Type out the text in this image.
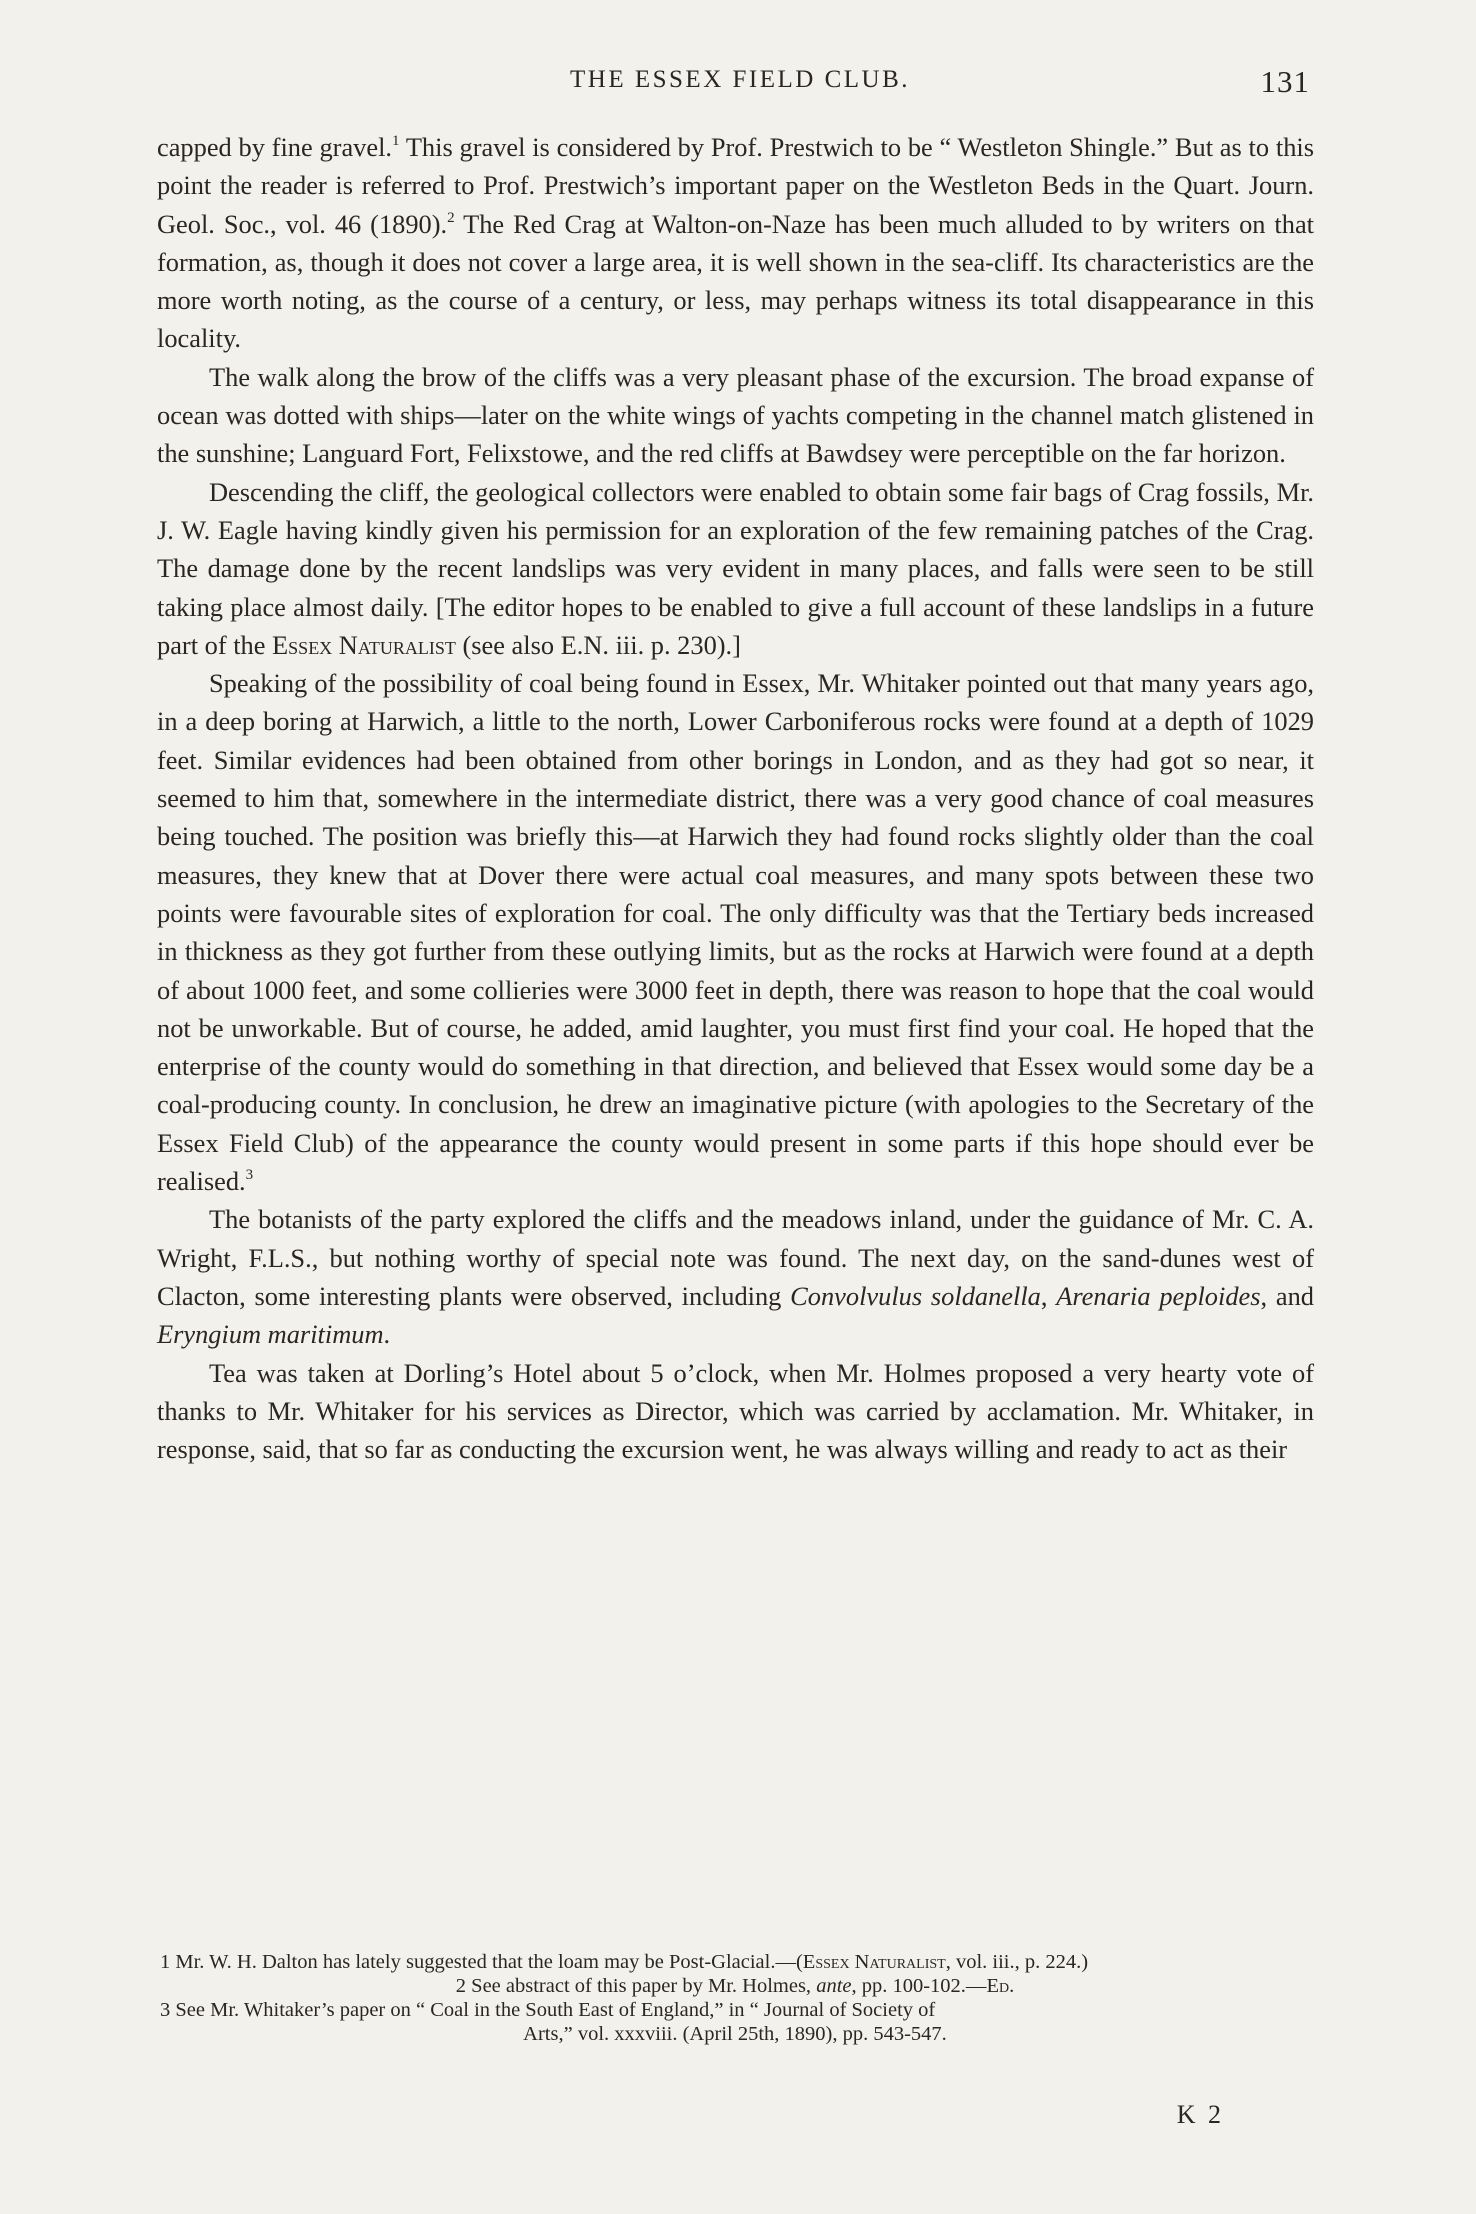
THE ESSEX FIELD CLUB.	131

capped by fine gravel.$^1$ This gravel is considered by Prof. Prestwich to be “ Westleton Shingle.” But as to this point the reader is referred to Prof. Prestwich’s important paper on the Westleton Beds in the Quart. Journ. Geol. Soc., vol. 46 (1890).$^2$ The Red Crag at Walton-on-Naze has been much alluded to by writers on that formation, as, though it does not cover a large area, it is well shown in the sea-cliff. Its characteristics are the more worth noting, as the course of a century, or less, may perhaps witness its total disappearance in this locality.

The walk along the brow of the cliffs was a very pleasant phase of the excursion. The broad expanse of ocean was dotted with ships—later on the white wings of yachts competing in the channel match glistened in the sunshine; Languard Fort, Felixstowe, and the red cliffs at Bawdsey were perceptible on the far horizon.

Descending the cliff, the geological collectors were enabled to obtain some fair bags of Crag fossils, Mr. J. W. Eagle having kindly given his permission for an exploration of the few remaining patches of the Crag. The damage done by the recent landslips was very evident in many places, and falls were seen to be still taking place almost daily. [The editor hopes to be enabled to give a full account of these landslips in a future part of the Essex Naturalist (see also E.N. iii. p. 230).]

Speaking of the possibility of coal being found in Essex, Mr. Whitaker pointed out that many years ago, in a deep boring at Harwich, a little to the north, Lower Carboniferous rocks were found at a depth of 1029 feet. Similar evidences had been obtained from other borings in London, and as they had got so near, it seemed to him that, somewhere in the intermediate district, there was a very good chance of coal measures being touched. The position was briefly this—at Harwich they had found rocks slightly older than the coal measures, they knew that at Dover there were actual coal measures, and many spots between these two points were favourable sites of exploration for coal. The only difficulty was that the Tertiary beds increased in thickness as they got further from these outlying limits, but as the rocks at Harwich were found at a depth of about 1000 feet, and some collieries were 3000 feet in depth, there was reason to hope that the coal would not be unworkable. But of course, he added, amid laughter, you must first find your coal. He hoped that the enterprise of the county would do something in that direction, and believed that Essex would some day be a coal-producing county. In conclusion, he drew an imaginative picture (with apologies to the Secretary of the Essex Field Club) of the appearance the county would present in some parts if this hope should ever be realised.$^3$

The botanists of the party explored the cliffs and the meadows inland, under the guidance of Mr. C. A. Wright, F.L.S., but nothing worthy of special note was found. The next day, on the sand-dunes west of Clacton, some interesting plants were observed, including Convolvulus soldanella, Arenaria peploides, and Eryngium maritimum.

Tea was taken at Dorling’s Hotel about 5 o’clock, when Mr. Holmes proposed a very hearty vote of thanks to Mr. Whitaker for his services as Director, which was carried by acclamation. Mr. Whitaker, in response, said, that so far as conducting the excursion went, he was always willing and ready to act as their

1 Mr. W. H. Dalton has lately suggested that the loam may be Post-Glacial.—(Essex Naturalist, vol. iii., p. 224.)

2 See abstract of this paper by Mr. Holmes, ante, pp. 100-102.—Ed.

3 See Mr. Whitaker’s paper on “ Coal in the South East of England,” in “ Journal of Society of

Arts,” vol. xxxviii. (April 25th, 1890), pp. 543-547.

K 2
